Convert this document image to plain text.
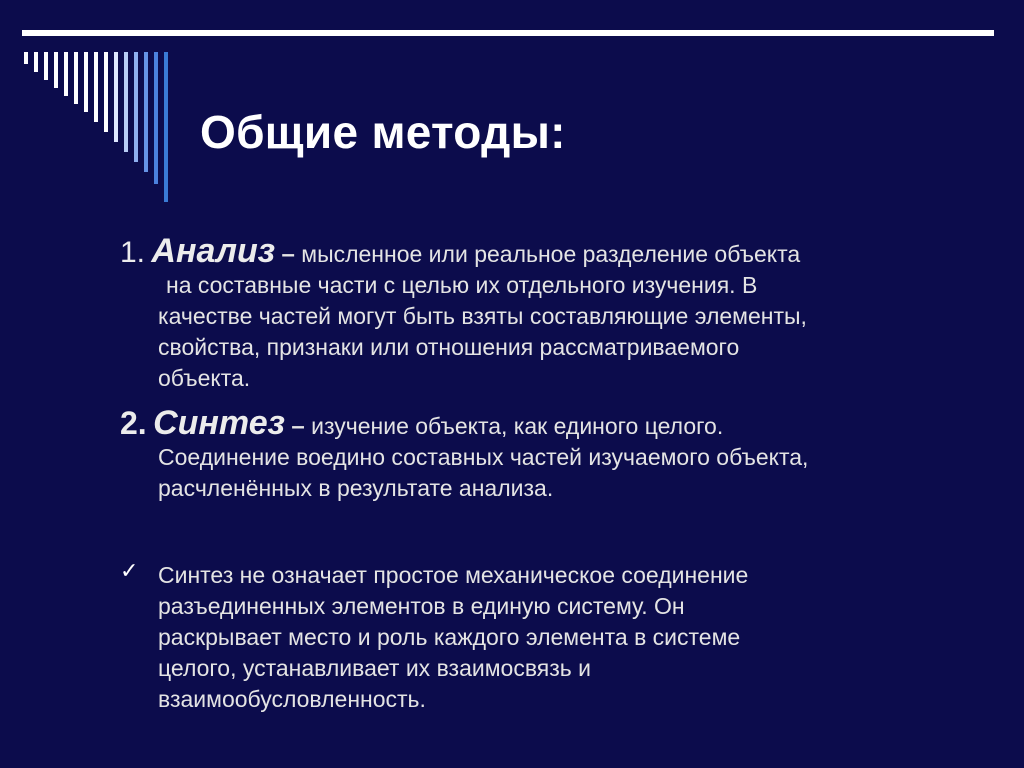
Общие методы:
1. Анализ – мысленное или реальное разделение объекта
на составные части с целью их отдельного изучения. В
качестве частей могут быть взяты составляющие элементы,
свойства, признаки или отношения рассматриваемого
объекта.
2. Синтез – изучение объекта, как единого целого.
Соединение воедино составных частей изучаемого объекта,
расчленённых в результате анализа.
✓ Синтез не означает простое механическое соединение
разъединенных элементов в единую систему. Он
раскрывает место и роль каждого элемента в системе
целого, устанавливает их взаимосвязь и
взаимообусловленность.
